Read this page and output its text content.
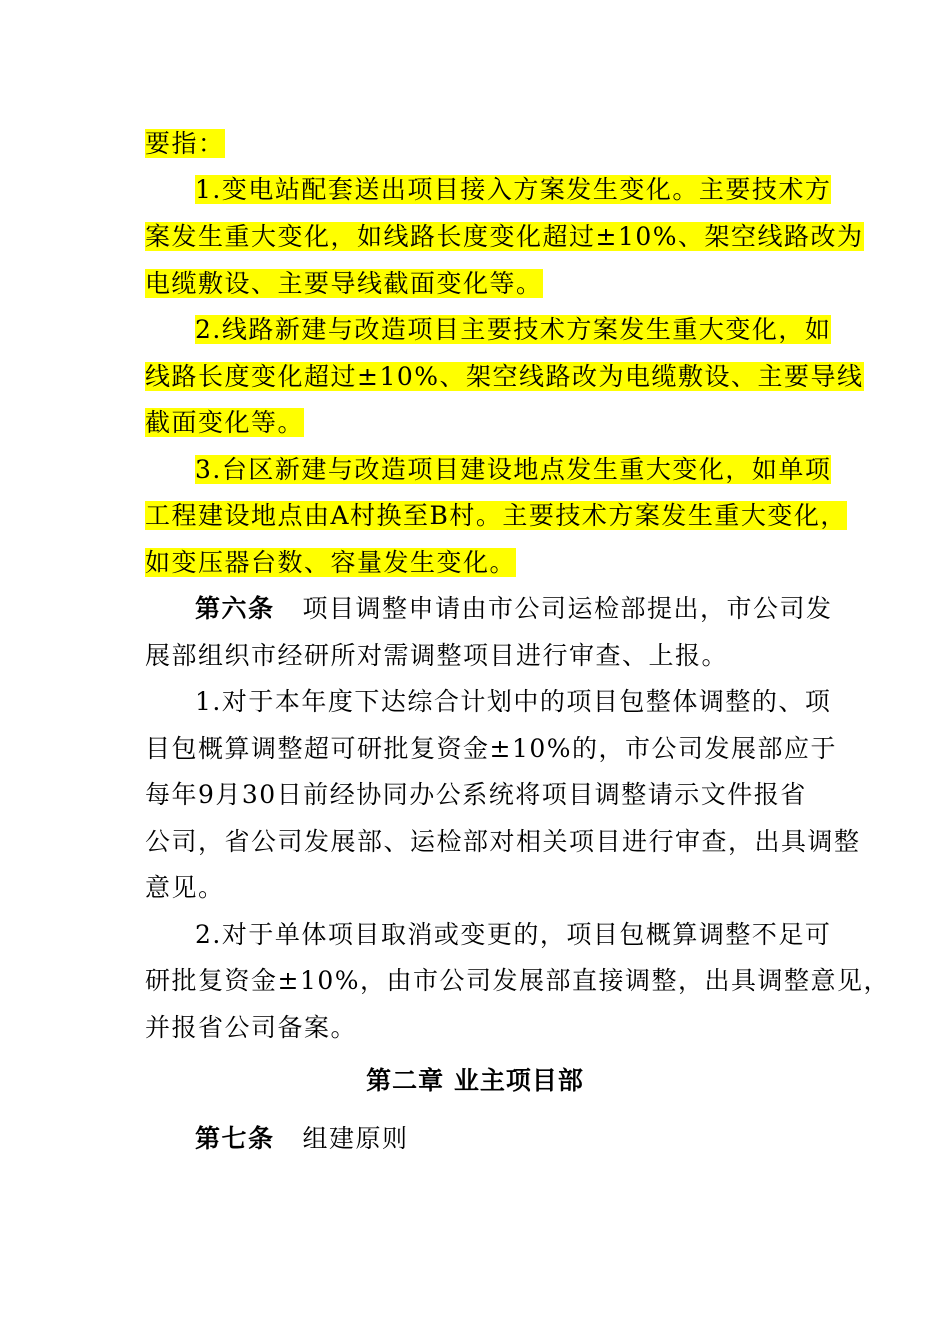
要指：
1.变电站配套送出项目接入方案发生变化。主要技术方
案发生重大变化，如线路长度变化超过±10%、架空线路改为
电缆敷设、主要导线截面变化等。
2.线路新建与改造项目主要技术方案发生重大变化，如
线路长度变化超过±10%、架空线路改为电缆敷设、主要导线
截面变化等。
3.台区新建与改造项目建设地点发生重大变化，如单项
工程建设地点由A村换至B村。主要技术方案发生重大变化，
如变压器台数、容量发生变化。
第六条 项目调整申请由市公司运检部提出，市公司发
展部组织市经研所对需调整项目进行审查、上报。
1.对于本年度下达综合计划中的项目包整体调整的、项
目包概算调整超可研批复资金±10%的，市公司发展部应于
每年9月30日前经协同办公系统将项目调整请示文件报省
公司，省公司发展部、运检部对相关项目进行审查，出具调整
意见。
2.对于单体项目取消或变更的，项目包概算调整不足可
研批复资金±10%，由市公司发展部直接调整，出具调整意见，
并报省公司备案。
第二章 业主项目部
第七条 组建原则
